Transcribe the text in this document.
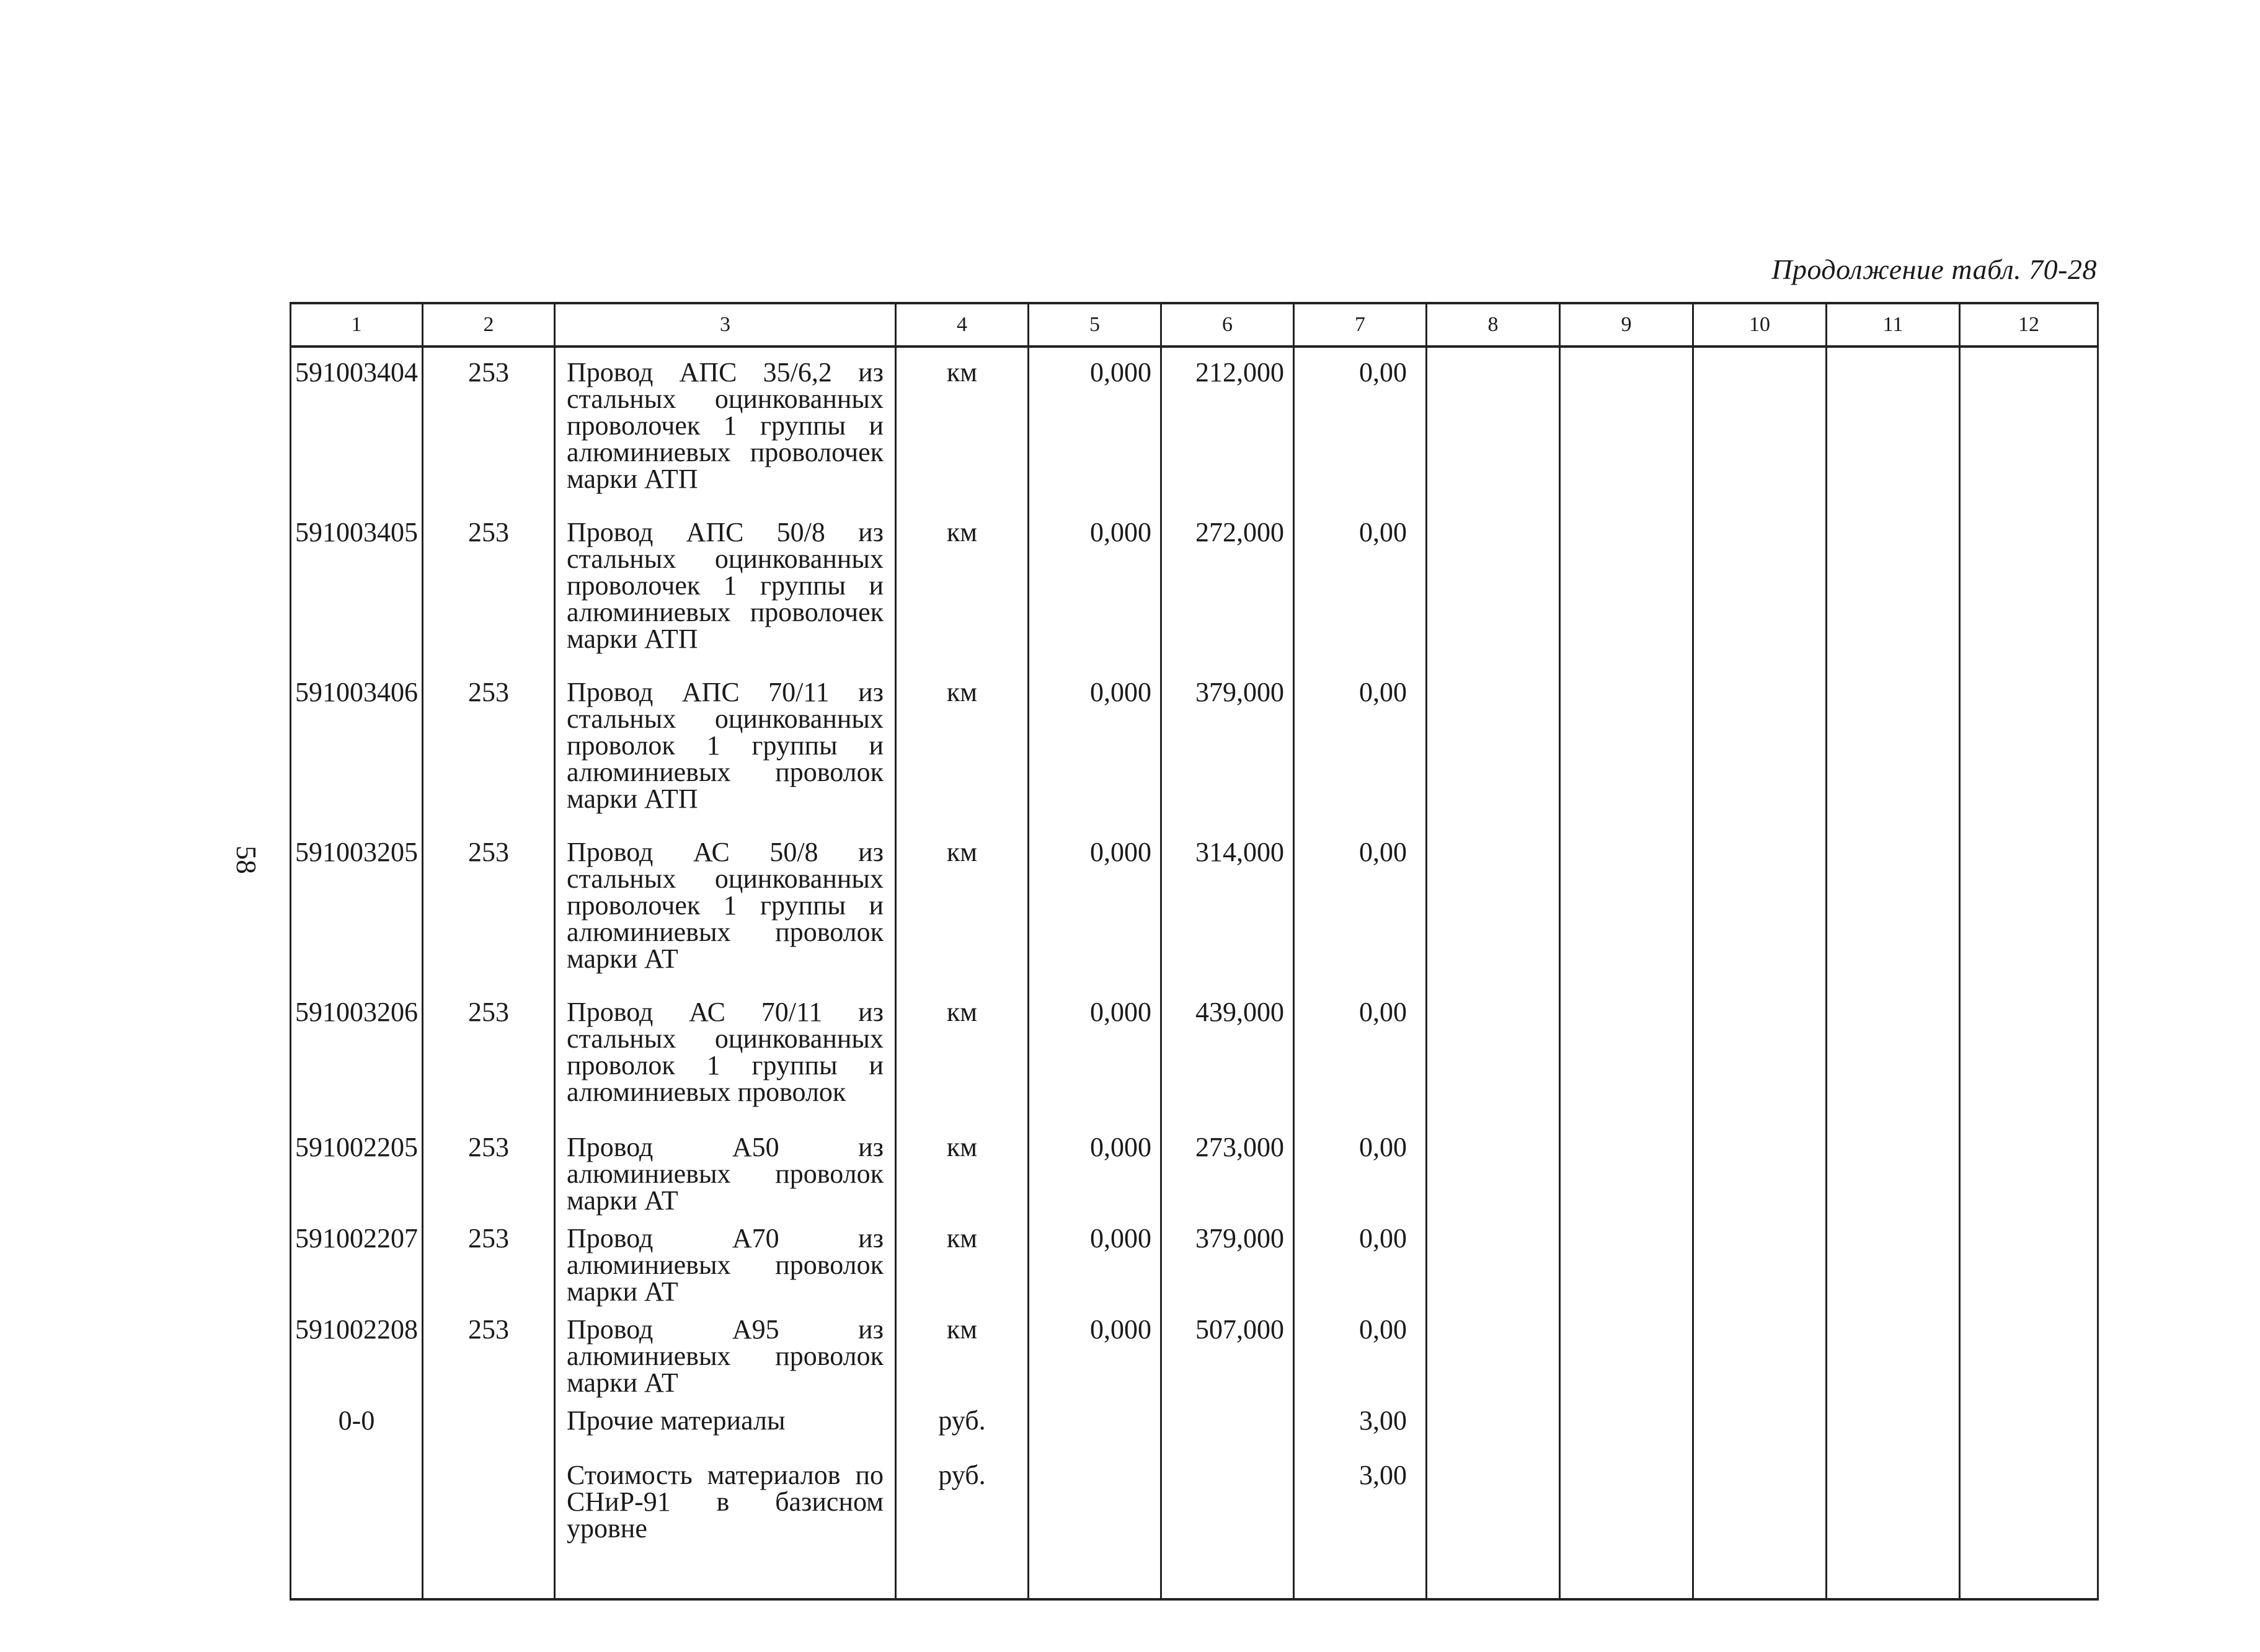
58
Продолжение табл. 70-28
1	2	3	4	5	6	7	8	9	10	11	12
591003404	253	Провод АПС 35/6,2 из стальных оцинкованных проволочек 1 группы и алюминиевых проволочек марки АТП	км	0,000	212,000	0,00					
591003405	253	Провод АПС 50/8 из стальных оцинкованных проволочек 1 группы и алюминиевых проволочек марки АТП	км	0,000	272,000	0,00					
591003406	253	Провод АПС 70/11 из стальных оцинкованных проволок 1 группы и алюминиевых проволок марки АТП	км	0,000	379,000	0,00					
591003205	253	Провод АС 50/8 из стальных оцинкованных проволочек 1 группы и алюминиевых проволок марки АТ	км	0,000	314,000	0,00					
591003206	253	Провод АС 70/11 из стальных оцинкованных проволок 1 группы и алюминиевых проволок	км	0,000	439,000	0,00					
591002205	253	Провод А50 из алюминиевых проволок марки АТ	км	0,000	273,000	0,00					
591002207	253	Провод А70 из алюминиевых проволок марки АТ	км	0,000	379,000	0,00					
591002208	253	Провод А95 из алюминиевых проволок марки АТ	км	0,000	507,000	0,00					
0-0		Прочие материалы	руб.			3,00					
		Стоимость материалов по СНиР-91 в базисном уровне	руб.			3,00					
